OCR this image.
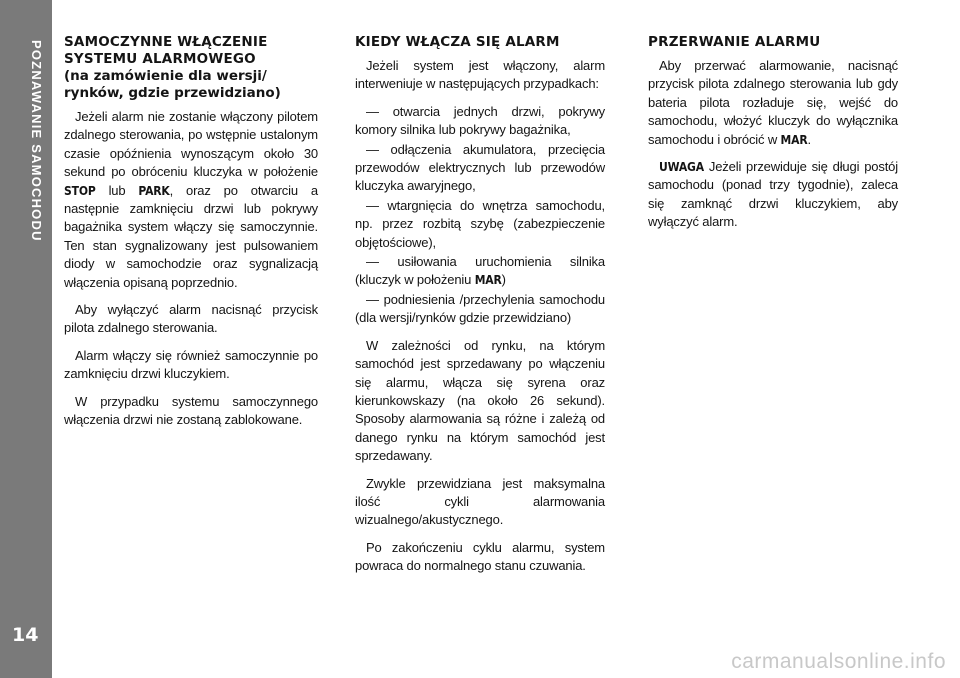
POZNAWANIE SAMOCHODU
14
SAMOCZYNNE WŁĄCZENIE
SYSTEMU ALARMOWEGO
(na zamówienie dla wersji/
rynków, gdzie przewidziano)

Jeżeli alarm nie zostanie włączony pilotem zdalnego sterowania, po wstępnie ustalonym czasie opóźnienia wynoszącym około 30 sekund po obróceniu kluczyka w położenie STOP lub PARK, oraz po otwarciu a następnie zamknięciu drzwi lub pokrywy bagażnika system włączy się samoczynnie. Ten stan sygnalizowany jest pulsowaniem diody w samochodzie oraz sygnalizacją włączenia opisaną poprzednio.

Aby wyłączyć alarm nacisnąć przycisk pilota zdalnego sterowania.

Alarm włączy się również samoczynnie po zamknięciu drzwi kluczykiem.

W przypadku systemu samoczynnego włączenia drzwi nie zostaną zablokowane.

KIEDY WŁĄCZA SIĘ ALARM

Jeżeli system jest włączony, alarm interweniuje w następujących przypadkach:

— otwarcia jednych drzwi, pokrywy komory silnika lub pokrywy bagażnika,

— odłączenia akumulatora, przecięcia przewodów elektrycznych lub przewodów kluczyka awaryjnego,

— wtargnięcia do wnętrza samochodu, np. przez rozbitą szybę (zabezpieczenie objętościowe),

— usiłowania uruchomienia silnika (kluczyk w położeniu MAR)

— podniesienia /przechylenia samochodu (dla wersji/rynków gdzie przewidziano)

W zależności od rynku, na którym samochód jest sprzedawany po włączeniu się alarmu, włącza się syrena oraz kierunkowskazy (na około 26 sekund). Sposoby alarmowania są różne i zależą od danego rynku na którym samochód jest sprzedawany.

Zwykle przewidziana jest maksymalna ilość cykli alarmowania wizualnego/akustycznego.

Po zakończeniu cyklu alarmu, system powraca do normalnego stanu czuwania.

PRZERWANIE ALARMU

Aby przerwać alarmowanie, nacisnąć przycisk pilota zdalnego sterowania lub gdy bateria pilota rozładuje się, wejść do samochodu, włożyć kluczyk do wyłącznika samochodu i obrócić w MAR.

UWAGA Jeżeli przewiduje się długi postój samochodu (ponad trzy tygodnie), zaleca się zamknąć drzwi kluczykiem, aby wyłączyć alarm.

carmanualsonline.info
